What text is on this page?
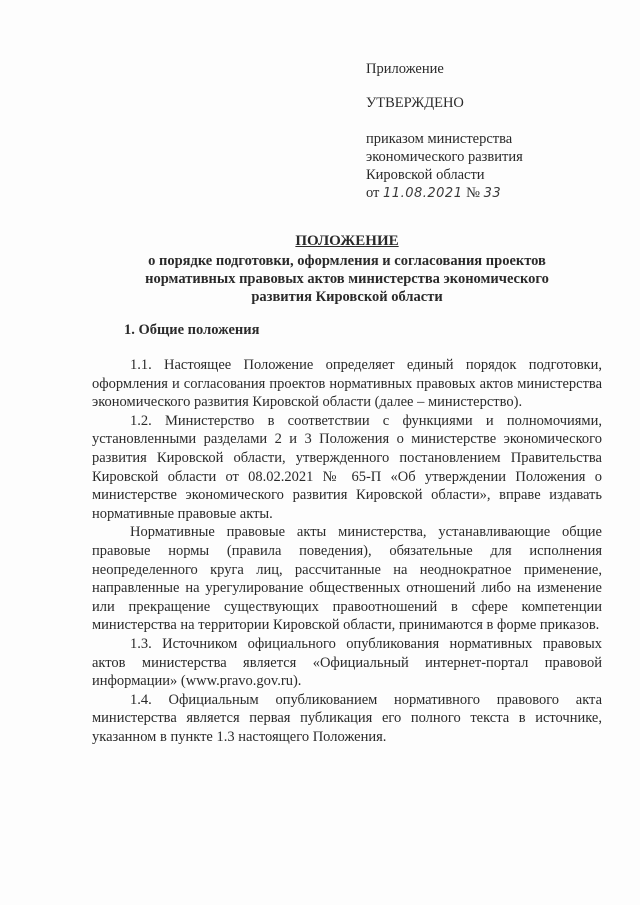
Приложение
УТВЕРЖДЕНО
приказом министерства
экономического развития
Кировской области
от 11.08.2021 № 33
ПОЛОЖЕНИЕ
о порядке подготовки, оформления и согласования проектов
нормативных правовых актов министерства экономического
развития Кировской области
1. Общие положения

1.1. Настоящее Положение определяет единый порядок подготовки, оформления и согласования проектов нормативных правовых актов министерства экономического развития Кировской области (далее – министерство).

1.2. Министерство в соответствии с функциями и полномочиями, установленными разделами 2 и 3 Положения о министерстве экономического развития Кировской области, утвержденного постановлением Правительства Кировской области от 08.02.2021 № 65-П «Об утверждении Положения о министерстве экономического развития Кировской области», вправе издавать нормативные правовые акты.

Нормативные правовые акты министерства, устанавливающие общие правовые нормы (правила поведения), обязательные для исполнения неопределенного круга лиц, рассчитанные на неоднократное применение, направленные на урегулирование общественных отношений либо на изменение или прекращение существующих правоотношений в сфере компетенции министерства на территории Кировской области, принимаются в форме приказов.

1.3. Источником официального опубликования нормативных правовых актов министерства является «Официальный интернет-портал правовой информации» (www.pravo.gov.ru).

1.4. Официальным опубликованием нормативного правового акта министерства является первая публикация его полного текста в источнике, указанном в пункте 1.3 настоящего Положения.
